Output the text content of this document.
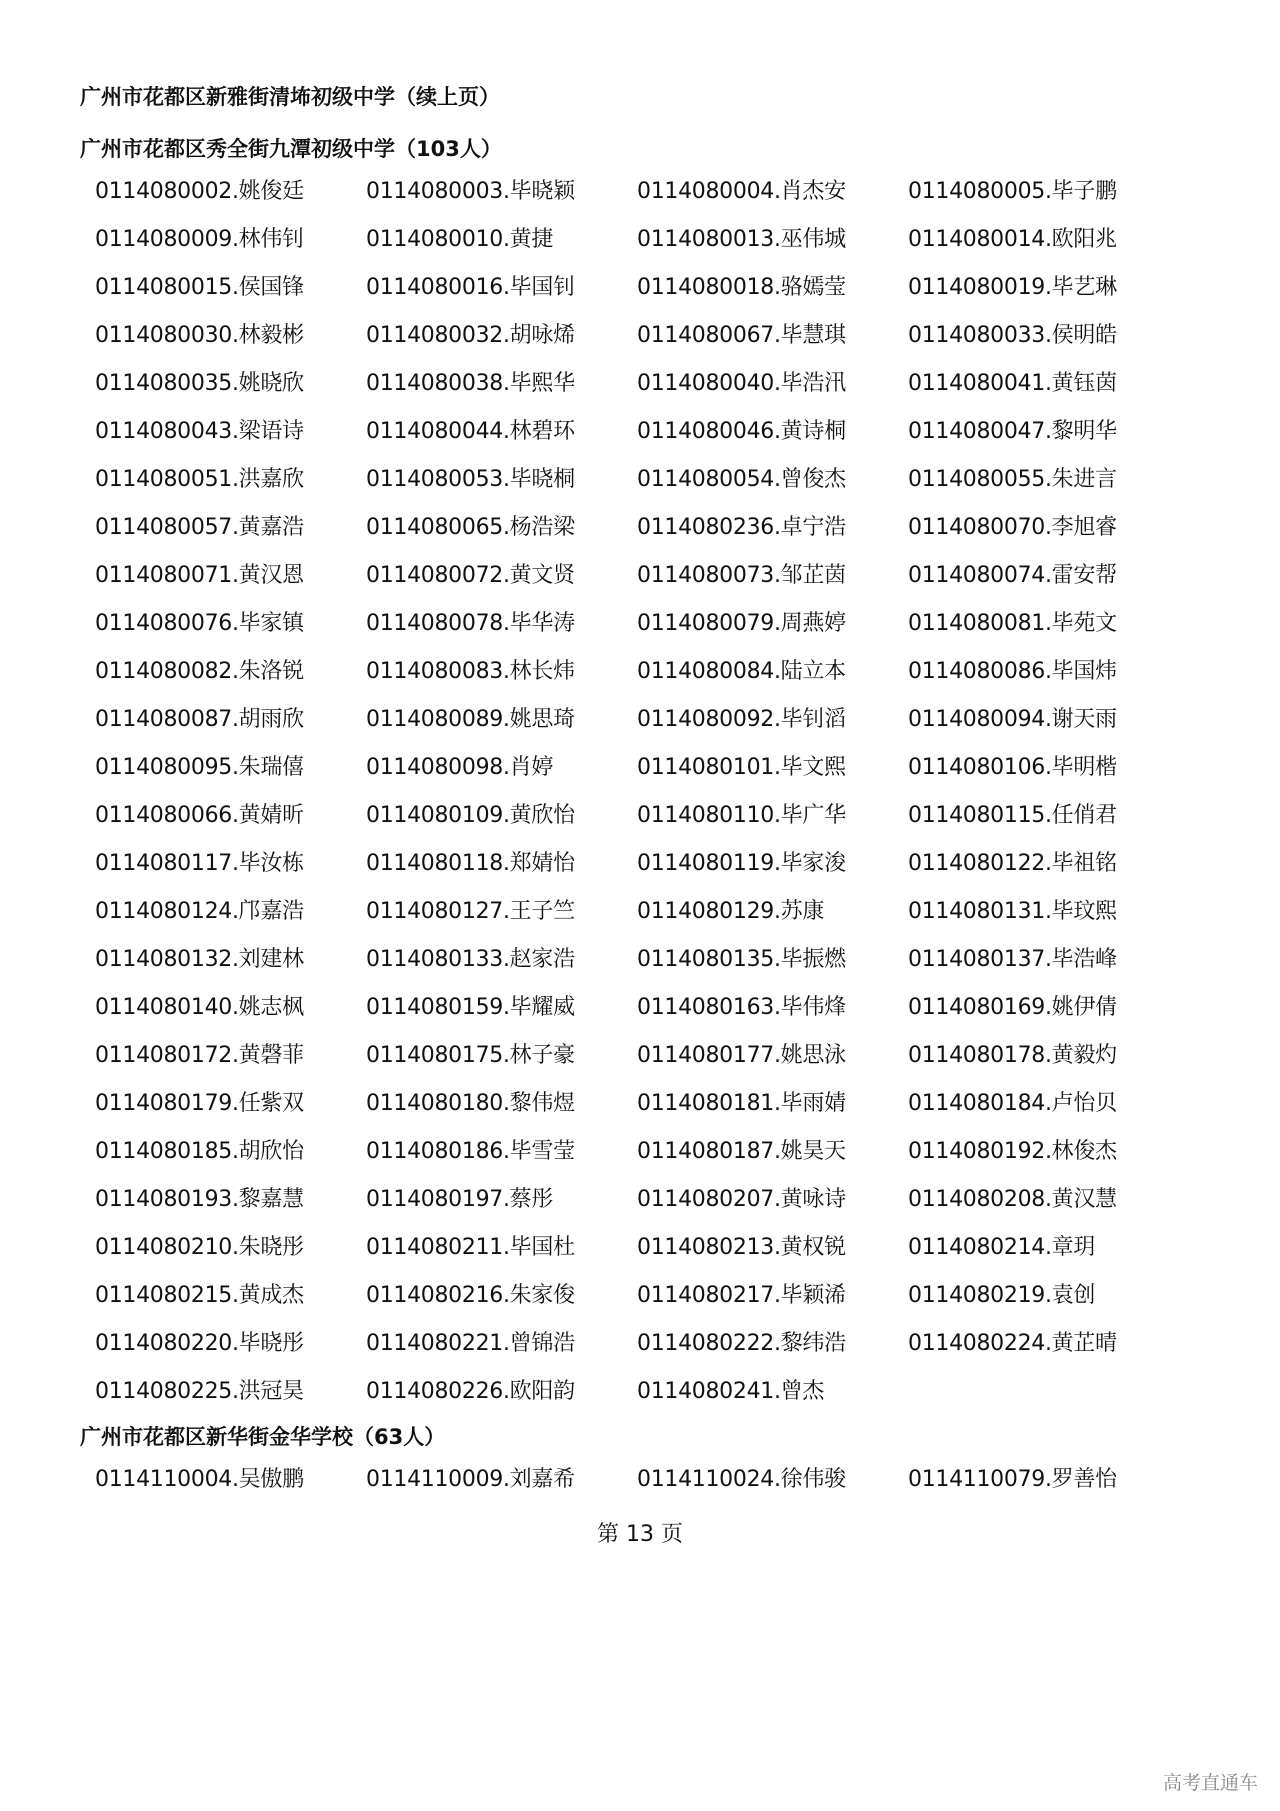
广州市花都区新雅街清㘵初级中学（续上页）
广州市花都区秀全街九潭初级中学（103人）
0114080002.姚俊廷	0114080003.毕晓颖	0114080004.肖杰安	0114080005.毕子鹏
0114080009.林伟钊	0114080010.黄捷	0114080013.巫伟城	0114080014.欧阳兆
0114080015.侯国锋	0114080016.毕国钊	0114080018.骆嫣莹	0114080019.毕艺琳
0114080030.林毅彬	0114080032.胡咏烯	0114080067.毕慧琪	0114080033.侯明皓
0114080035.姚晓欣	0114080038.毕熙华	0114080040.毕浩汛	0114080041.黄钰茵
0114080043.梁语诗	0114080044.林碧环	0114080046.黄诗桐	0114080047.黎明华
0114080051.洪嘉欣	0114080053.毕晓桐	0114080054.曾俊杰	0114080055.朱进言
0114080057.黄嘉浩	0114080065.杨浩梁	0114080236.卓宁浩	0114080070.李旭睿
0114080071.黄汉恩	0114080072.黄文贤	0114080073.邹芷茵	0114080074.雷安帮
0114080076.毕家镇	0114080078.毕华涛	0114080079.周燕婷	0114080081.毕苑文
0114080082.朱洛锐	0114080083.林长炜	0114080084.陆立本	0114080086.毕国炜
0114080087.胡雨欣	0114080089.姚思琦	0114080092.毕钊滔	0114080094.谢天雨
0114080095.朱瑞僖	0114080098.肖婷	0114080101.毕文熙	0114080106.毕明楷
0114080066.黄婧昕	0114080109.黄欣怡	0114080110.毕广华	0114080115.任俏君
0114080117.毕汝栋	0114080118.郑婧怡	0114080119.毕家浚	0114080122.毕祖铭
0114080124.邝嘉浩	0114080127.王子竺	0114080129.苏康	0114080131.毕玟熙
0114080132.刘建林	0114080133.赵家浩	0114080135.毕振燃	0114080137.毕浩峰
0114080140.姚志枫	0114080159.毕耀威	0114080163.毕伟烽	0114080169.姚伊倩
0114080172.黄磬菲	0114080175.林子豪	0114080177.姚思泳	0114080178.黄毅灼
0114080179.任紫双	0114080180.黎伟煜	0114080181.毕雨婧	0114080184.卢怡贝
0114080185.胡欣怡	0114080186.毕雪莹	0114080187.姚昊天	0114080192.林俊杰
0114080193.黎嘉慧	0114080197.蔡彤	0114080207.黄咏诗	0114080208.黄汉慧
0114080210.朱晓彤	0114080211.毕国杜	0114080213.黄权锐	0114080214.章玥
0114080215.黄成杰	0114080216.朱家俊	0114080217.毕颖浠	0114080219.袁创
0114080220.毕晓彤	0114080221.曾锦浩	0114080222.黎纬浩	0114080224.黄芷晴
0114080225.洪冠昊	0114080226.欧阳韵	0114080241.曾杰
广州市花都区新华街金华学校（63人）
0114110004.吴傲鹏	0114110009.刘嘉希	0114110024.徐伟骏	0114110079.罗善怡
第 13 页
高考直通车
